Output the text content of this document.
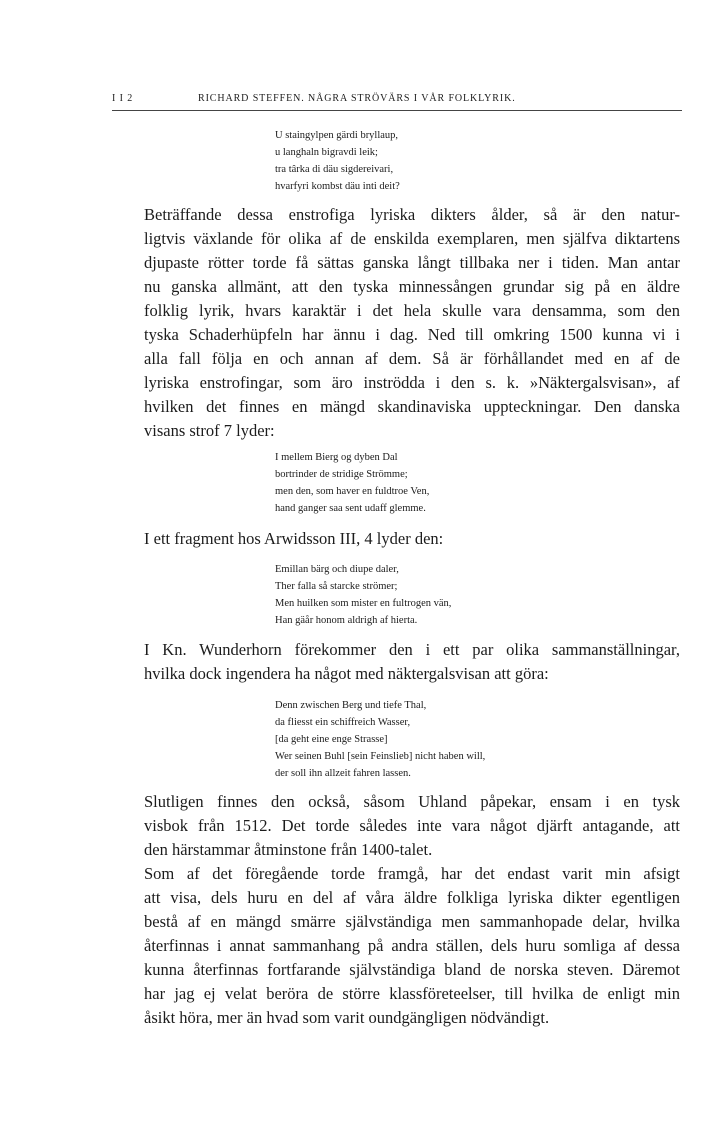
I I 2	RICHARD STEFFEN. NÅGRA STRÖVÄRS I VÅR FOLKLYRIK.
U staingylpen gärdi bryllaup,
u langhaln bigravdi leik;
tra târka di däu sigdereivari,
hvarfyri kombst däu inti deit?

Beträffande dessa enstrofiga lyriska dikters ålder, så är den natur-
ligtvis växlande för olika af de enskilda exemplaren, men själfva diktartens
djupaste rötter torde få sättas ganska långt tillbaka ner i tiden. Man antar
nu ganska allmänt, att den tyska minnessången grundar sig på en äldre
folklig lyrik, hvars karaktär i det hela skulle vara densamma, som den
tyska Schaderhüpfeln har ännu i dag. Ned till omkring 1500 kunna vi i
alla fall följa en och annan af dem. Så är förhållandet med en af de
lyriska enstrofingar, som äro inströdda i den s. k. »Näktergalsvisan», af
hvilken det finnes en mängd skandinaviska uppteckningar. Den danska
visans strof 7 lyder:

I mellem Bierg og dyben Dal
bortrinder de stridige Strömme;
men den, som haver en fuldtroe Ven,
hand ganger saa sent udaff glemme.

I ett fragment hos Arwidsson III, 4 lyder den:

Emillan bärg och diupe daler,
Ther falla så starcke strömer;
Men huilken som mister en fultrogen vän,
Han gäår honom aldrigh af hierta.

I Kn. Wunderhorn förekommer den i ett par olika sammanställningar,
hvilka dock ingendera ha något med näktergalsvisan att göra:

Denn zwischen Berg und tiefe Thal,
da fliesst ein schiffreich Wasser,
[da geht eine enge Strasse]
Wer seinen Buhl [sein Feinslieb] nicht haben will,
der soll ihn allzeit fahren lassen.

Slutligen finnes den också, såsom Uhland påpekar, ensam i en tysk
visbok från 1512. Det torde således inte vara något djärft antagande, att
den härstammar åtminstone från 1400-talet.

Som af det föregående torde framgå, har det endast varit min afsigt
att visa, dels huru en del af våra äldre folkliga lyriska dikter egentligen
bestå af en mängd smärre självständiga men sammanhopade delar, hvilka
återfinnas i annat sammanhang på andra ställen, dels huru somliga af dessa
kunna återfinnas fortfarande självständiga bland de norska steven. Däremot
har jag ej velat beröra de större klassföreteelser, till hvilka de enligt min
åsikt höra, mer än hvad som varit oundgängligen nödvändigt.
